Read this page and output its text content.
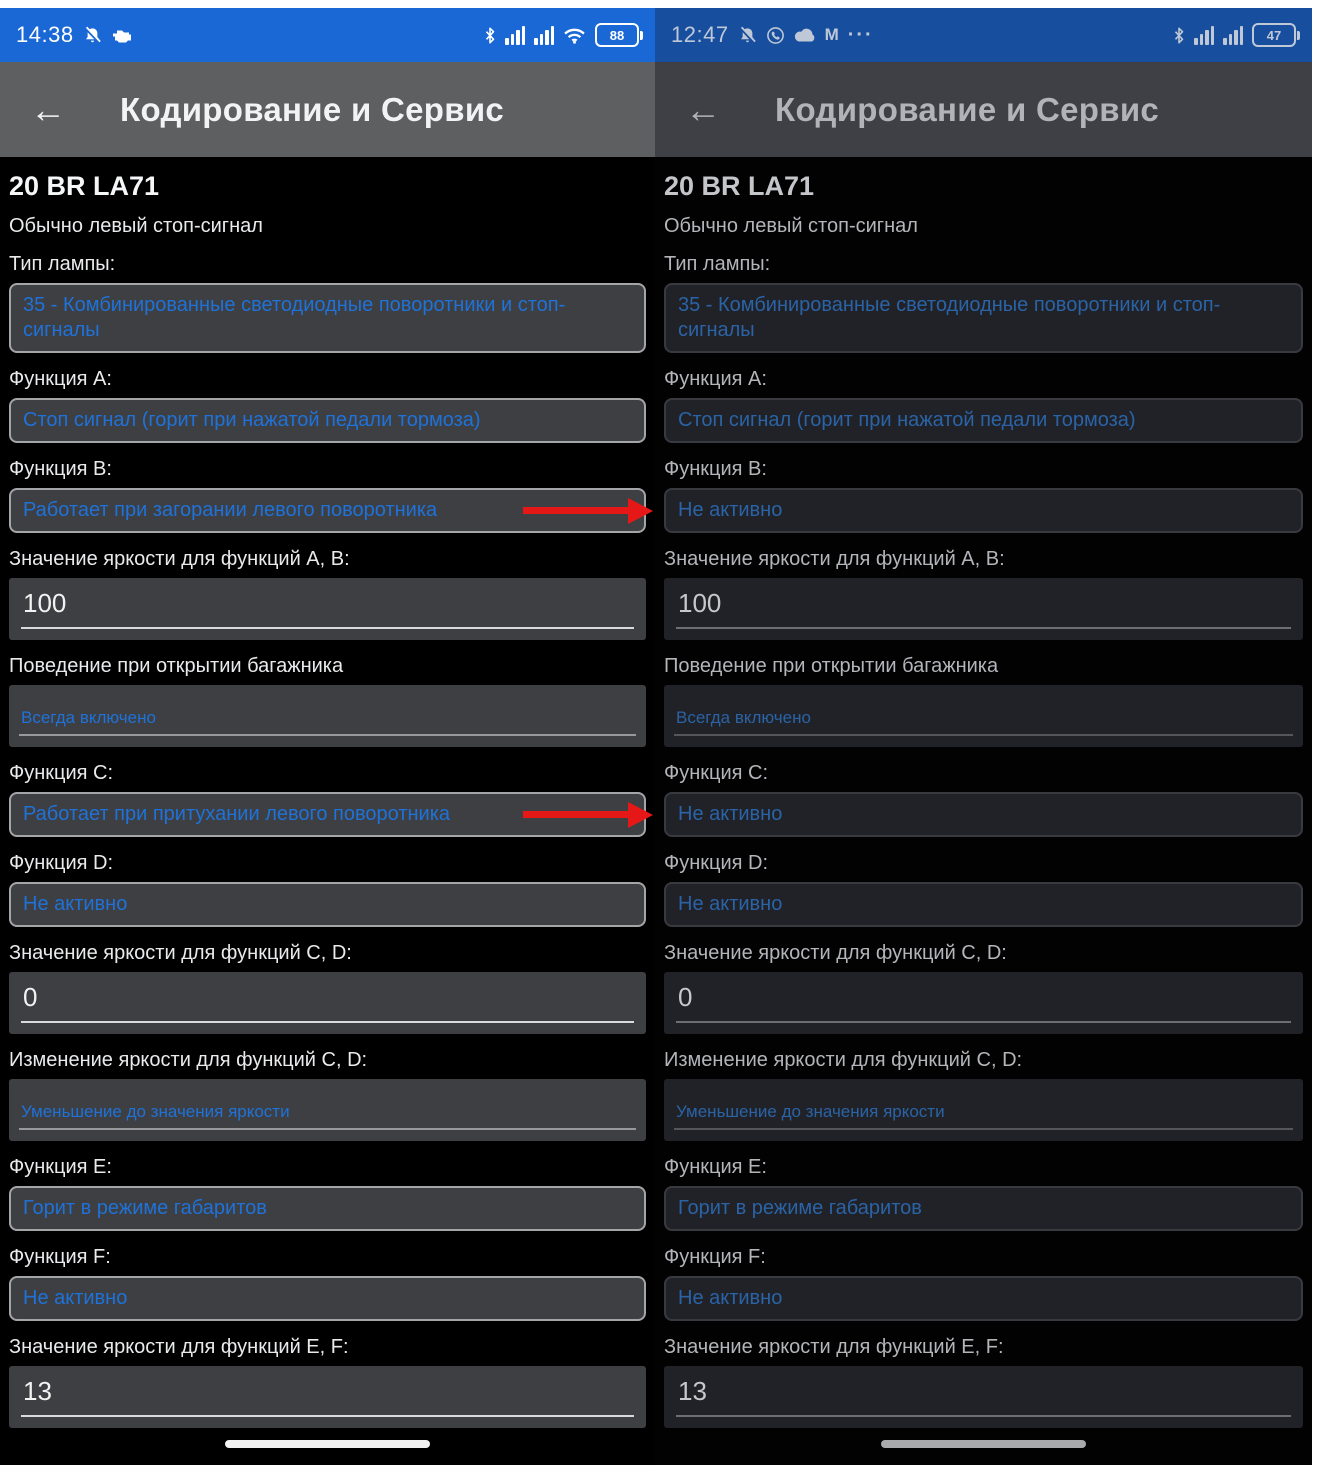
14:38	88
← Кодирование и Сервис
20 BR LA71
Обычно левый стоп-сигнал
Тип лампы:
35 - Комбинированные светодиодные поворотники и стоп-сигналы
Функция A:
Стоп сигнал (горит при нажатой педали тормоза)
Функция B:
Работает при загорании левого поворотника
Значение яркости для функций A, B:
100
Поведение при открытии багажника
Всегда включено
Функция C:
Работает при притухании левого поворотника
Функция D:
Не активно
Значение яркости для функций C, D:
0
Изменение яркости для функций C, D:
Уменьшение до значения яркости
Функция E:
Горит в режиме габаритов
Функция F:
Не активно
Значение яркости для функций E, F:
13
12:47	M ···	47
← Кодирование и Сервис
20 BR LA71
Обычно левый стоп-сигнал
Тип лампы:
35 - Комбинированные светодиодные поворотники и стоп-сигналы
Функция A:
Стоп сигнал (горит при нажатой педали тормоза)
Функция B:
Не активно
Значение яркости для функций A, B:
100
Поведение при открытии багажника
Всегда включено
Функция C:
Не активно
Функция D:
Не активно
Значение яркости для функций C, D:
0
Изменение яркости для функций C, D:
Уменьшение до значения яркости
Функция E:
Горит в режиме габаритов
Функция F:
Не активно
Значение яркости для функций E, F:
13
